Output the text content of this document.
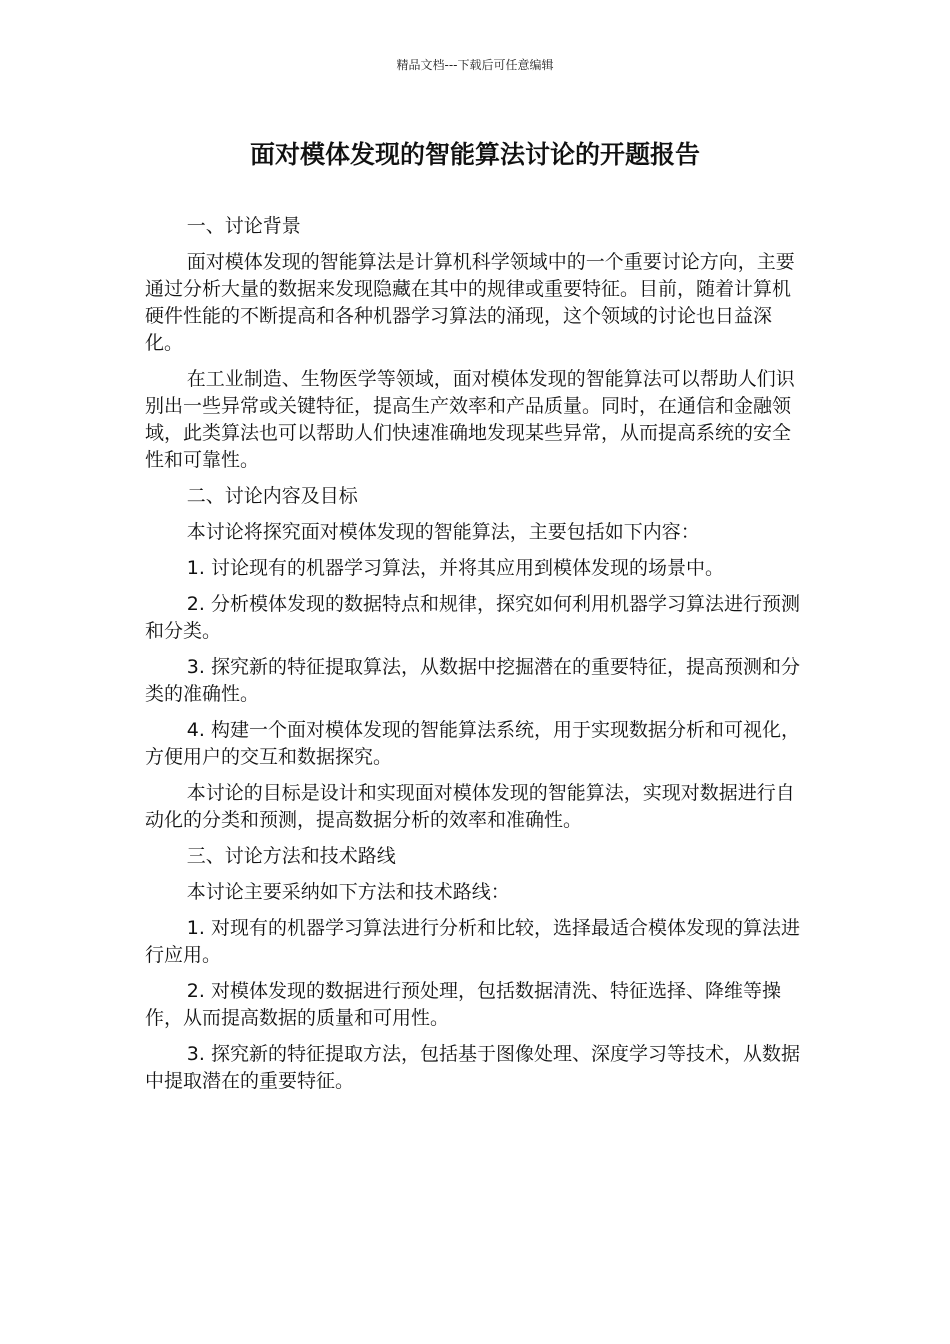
精品文档---下载后可任意编辑
面对模体发现的智能算法讨论的开题报告

一、讨论背景

面对模体发现的智能算法是计算机科学领域中的一个重要讨论方向，主要通过分析大量的数据来发现隐藏在其中的规律或重要特征。目前，随着计算机硬件性能的不断提高和各种机器学习算法的涌现，这个领域的讨论也日益深化。

在工业制造、生物医学等领域，面对模体发现的智能算法可以帮助人们识别出一些异常或关键特征，提高生产效率和产品质量。同时，在通信和金融领域，此类算法也可以帮助人们快速准确地发现某些异常，从而提高系统的安全性和可靠性。

二、讨论内容及目标

本讨论将探究面对模体发现的智能算法，主要包括如下内容：

1. 讨论现有的机器学习算法，并将其应用到模体发现的场景中。

2. 分析模体发现的数据特点和规律，探究如何利用机器学习算法进行预测和分类。

3. 探究新的特征提取算法，从数据中挖掘潜在的重要特征，提高预测和分类的准确性。

4. 构建一个面对模体发现的智能算法系统，用于实现数据分析和可视化，方便用户的交互和数据探究。

本讨论的目标是设计和实现面对模体发现的智能算法，实现对数据进行自动化的分类和预测，提高数据分析的效率和准确性。

三、讨论方法和技术路线

本讨论主要采纳如下方法和技术路线：

1. 对现有的机器学习算法进行分析和比较，选择最适合模体发现的算法进行应用。

2. 对模体发现的数据进行预处理，包括数据清洗、特征选择、降维等操作，从而提高数据的质量和可用性。

3. 探究新的特征提取方法，包括基于图像处理、深度学习等技术，从数据中提取潜在的重要特征。
